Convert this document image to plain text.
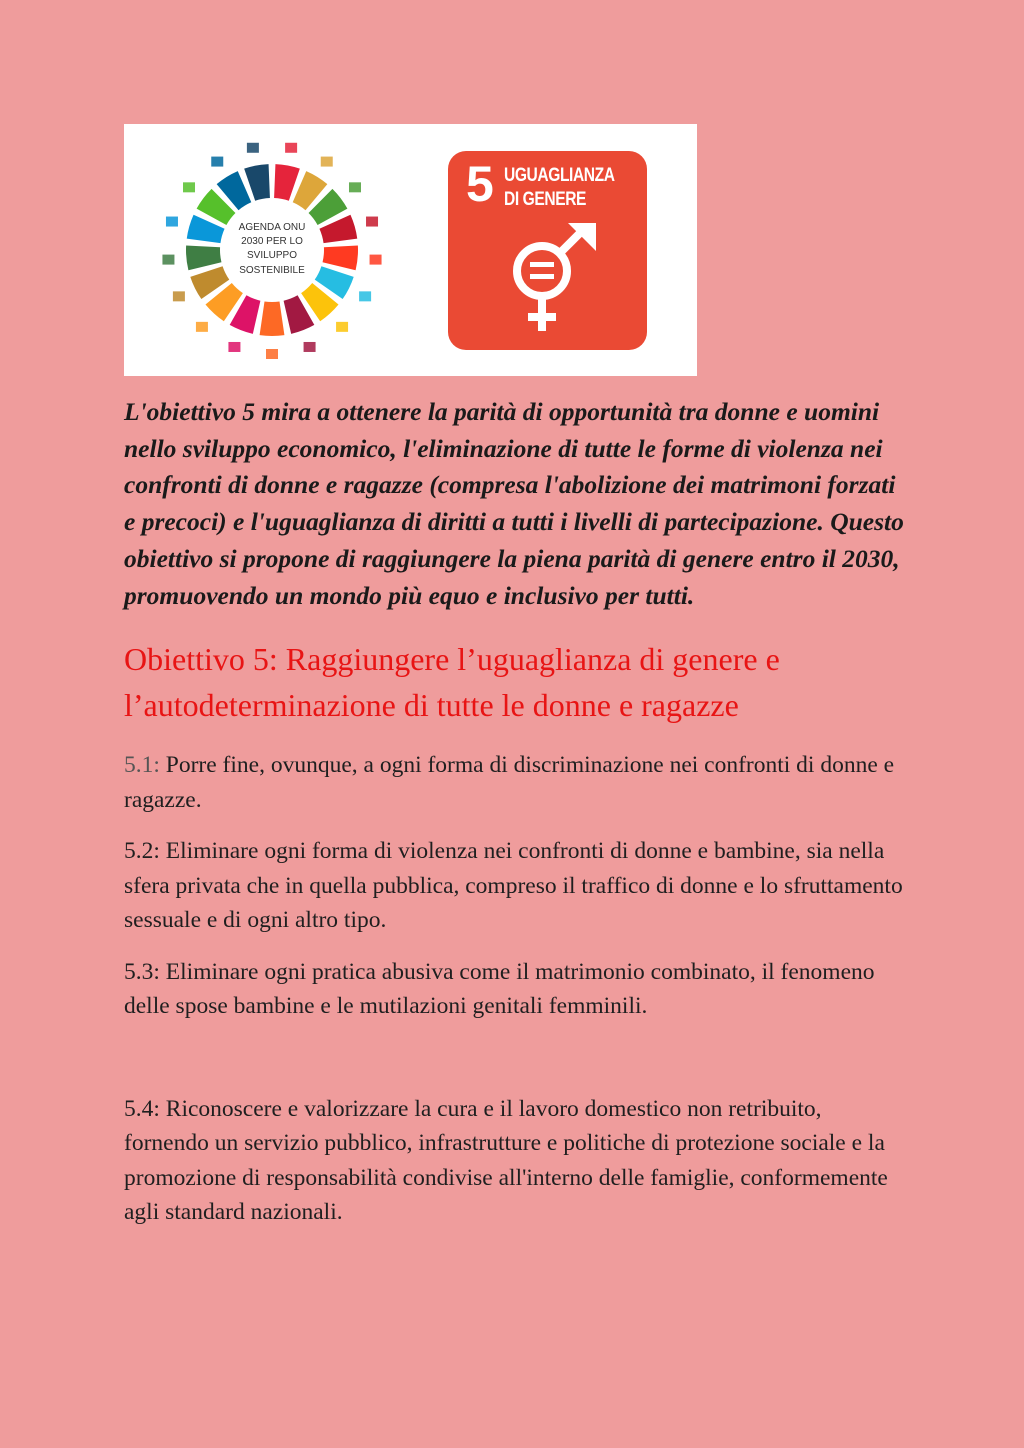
AGENDA ONU
2030 PER LO
SVILUPPO
SOSTENIBILE
5 UGUAGLIANZA
DI GENERE

L'obiettivo 5 mira a ottenere la parità di opportunità tra donne e uomini nello sviluppo economico, l'eliminazione di tutte le forme di violenza nei confronti di donne e ragazze (compresa l'abolizione dei matrimoni forzati e precoci) e l'uguaglianza di diritti a tutti i livelli di partecipazione. Questo obiettivo si propone di raggiungere la piena parità di genere entro il 2030, promuovendo un mondo più equo e inclusivo per tutti.

Obiettivo 5: Raggiungere l’uguaglianza di genere e l’autodeterminazione di tutte le donne e ragazze

5.1: Porre fine, ovunque, a ogni forma di discriminazione nei confronti di donne e ragazze.

5.2: Eliminare ogni forma di violenza nei confronti di donne e bambine, sia nella sfera privata che in quella pubblica, compreso il traffico di donne e lo sfruttamento sessuale e di ogni altro tipo.

5.3: Eliminare ogni pratica abusiva come il matrimonio combinato, il fenomeno delle spose bambine e le mutilazioni genitali femminili.

5.4: Riconoscere e valorizzare la cura e il lavoro domestico non retribuito, fornendo un servizio pubblico, infrastrutture e politiche di protezione sociale e la promozione di responsabilità condivise all'interno delle famiglie, conformemente agli standard nazionali.
